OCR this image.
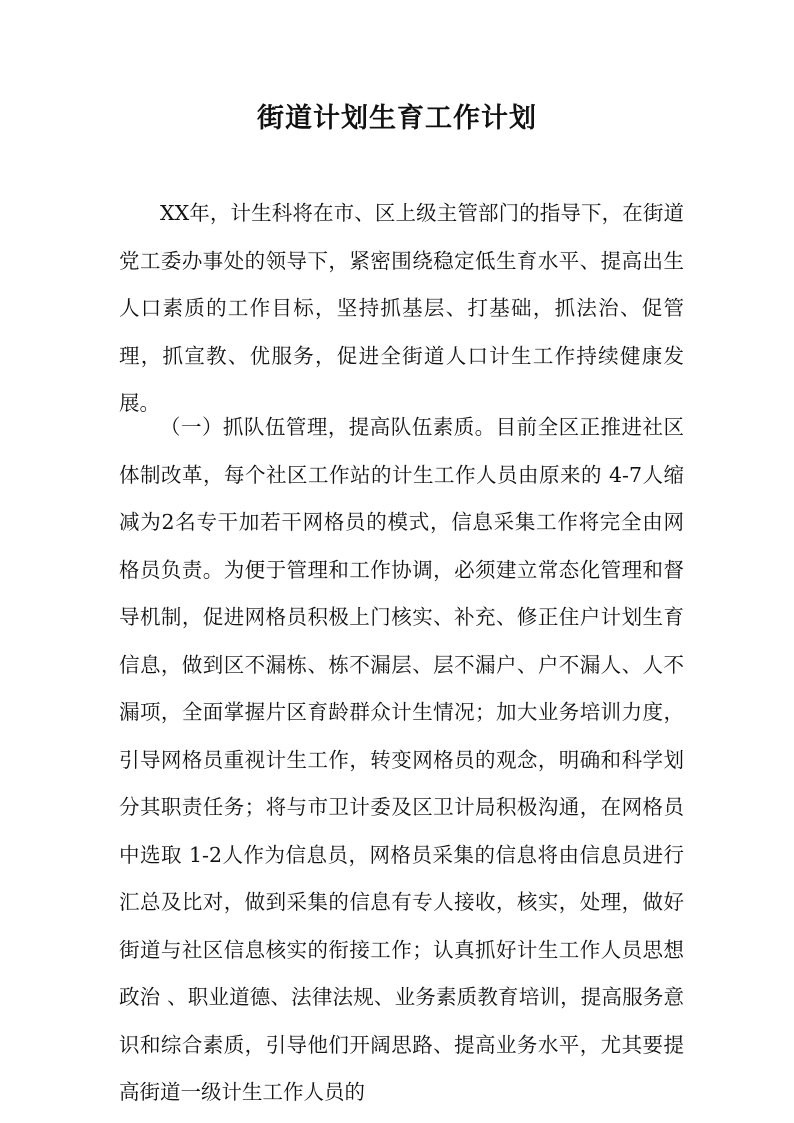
街道计划生育工作计划

XX年，计生科将在市、区上级主管部门的指导下，在街道党工委办事处的领导下，紧密围绕稳定低生育水平、提高出生人口素质的工作目标，坚持抓基层、打基础，抓法治、促管理，抓宣教、优服务，促进全街道人口计生工作持续健康发展。

（一）抓队伍管理，提高队伍素质。目前全区正推进社区体制改革，每个社区工作站的计生工作人员由原来的 4-7人缩减为2名专干加若干网格员的模式，信息采集工作将完全由网格员负责。为便于管理和工作协调，必须建立常态化管理和督导机制，促进网格员积极上门核实、补充、修正住户计划生育信息，做到区不漏栋、栋不漏层、层不漏户、户不漏人、人不漏项，全面掌握片区育龄群众计生情况；加大业务培训力度，引导网格员重视计生工作，转变网格员的观念，明确和科学划分其职责任务；将与市卫计委及区卫计局积极沟通，在网格员中选取 1-2人作为信息员，网格员采集的信息将由信息员进行汇总及比对，做到采集的信息有专人接收，核实，处理，做好街道与社区信息核实的衔接工作；认真抓好计生工作人员思想政治 、职业道德、法律法规、业务素质教育培训，提高服务意识和综合素质，引导他们开阔思路、提高业务水平，尤其要提高街道一级计生工作人员的
